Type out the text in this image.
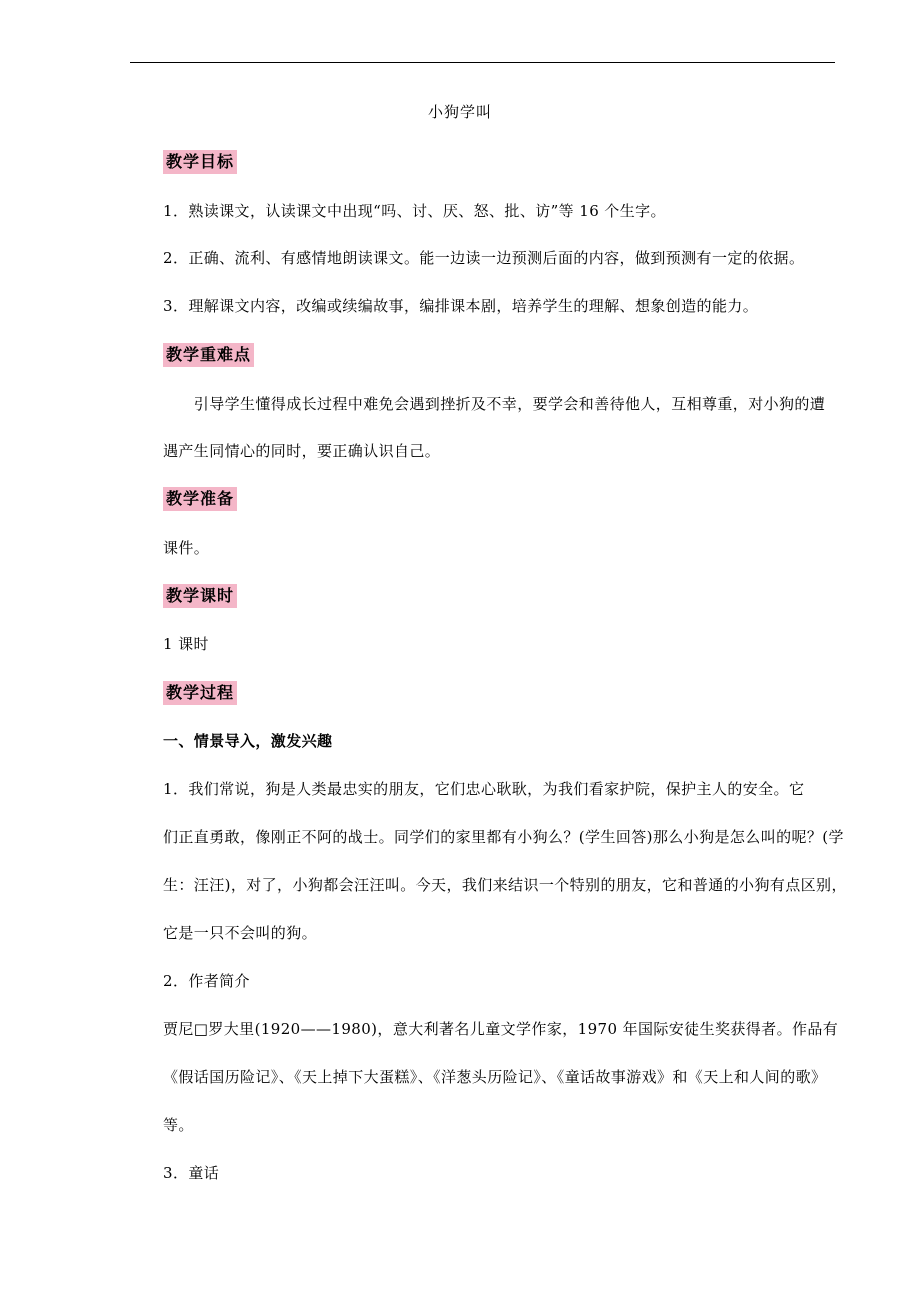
小狗学叫
教学目标
1．熟读课文，认读课文中出现“吗、讨、厌、怒、批、访”等 16 个生字。
2．正确、流利、有感情地朗读课文。能一边读一边预测后面的内容，做到预测有一定的依据。
3．理解课文内容，改编或续编故事，编排课本剧，培养学生的理解、想象创造的能力。
教学重难点
　　引导学生懂得成长过程中难免会遇到挫折及不幸，要学会和善待他人，互相尊重，对小狗的遭
遇产生同情心的同时，要正确认识自己。
教学准备
课件。
教学课时
1 课时
教学过程
一、情景导入，激发兴趣
1．我们常说，狗是人类最忠实的朋友，它们忠心耿耿，为我们看家护院，保护主人的安全。它
们正直勇敢，像刚正不阿的战士。同学们的家里都有小狗么？(学生回答)那么小狗是怎么叫的呢？(学
生：汪汪)，对了，小狗都会汪汪叫。今天，我们来结识一个特别的朋友，它和普通的小狗有点区别，
它是一只不会叫的狗。
2．作者简介
贾尼□罗大里(1920——1980)，意大利著名儿童文学作家，1970 年国际安徒生奖获得者。作品有
《假话国历险记》、《天上掉下大蛋糕》、《洋葱头历险记》、《童话故事游戏》和《天上和人间的歌》
等。
3．童话
